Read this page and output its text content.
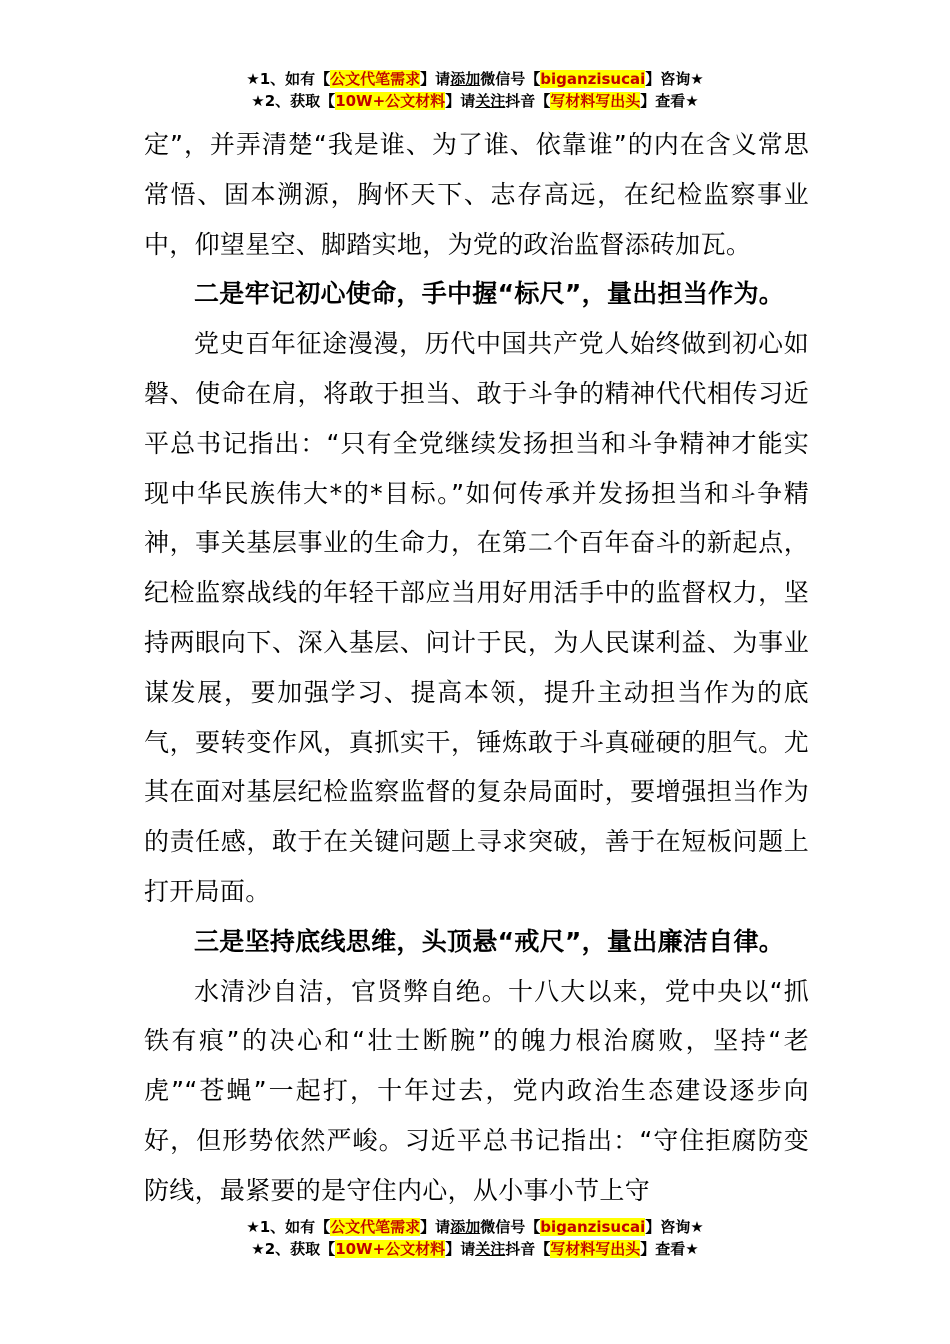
★1、如有【公文代笔需求】请添加微信号【biganzisucai】咨询★
★2、获取【10W+公文材料】请关注抖音【写材料写出头】查看★

定”，并弄清楚“我是谁、为了谁、依靠谁”的内在含义常思常悟、固本溯源，胸怀天下、志存高远，在纪检监察事业中，仰望星空、脚踏实地，为党的政治监督添砖加瓦。

二是牢记初心使命，手中握“标尺”，量出担当作为。

党史百年征途漫漫，历代中国共产党人始终做到初心如磐、使命在肩，将敢于担当、敢于斗争的精神代代相传习近平总书记指出：“只有全党继续发扬担当和斗争精神才能实现中华民族伟大*的*目标。”如何传承并发扬担当和斗争精神，事关基层事业的生命力，在第二个百年奋斗的新起点，纪检监察战线的年轻干部应当用好用活手中的监督权力，坚持两眼向下、深入基层、问计于民，为人民谋利益、为事业谋发展，要加强学习、提高本领，提升主动担当作为的底气，要转变作风，真抓实干，锤炼敢于斗真碰硬的胆气。尤其在面对基层纪检监察监督的复杂局面时，要增强担当作为的责任感，敢于在关键问题上寻求突破，善于在短板问题上打开局面。

三是坚持底线思维，头顶悬“戒尺”，量出廉洁自律。

水清沙自洁，官贤弊自绝。十八大以来，党中央以“抓铁有痕”的决心和“壮士断腕”的魄力根治腐败，坚持“老虎”“苍蝇”一起打，十年过去，党内政治生态建设逐步向好，但形势依然严峻。习近平总书记指出：“守住拒腐防变防线，最紧要的是守住内心，从小事小节上守

★1、如有【公文代笔需求】请添加微信号【biganzisucai】咨询★
★2、获取【10W+公文材料】请关注抖音【写材料写出头】查看★
